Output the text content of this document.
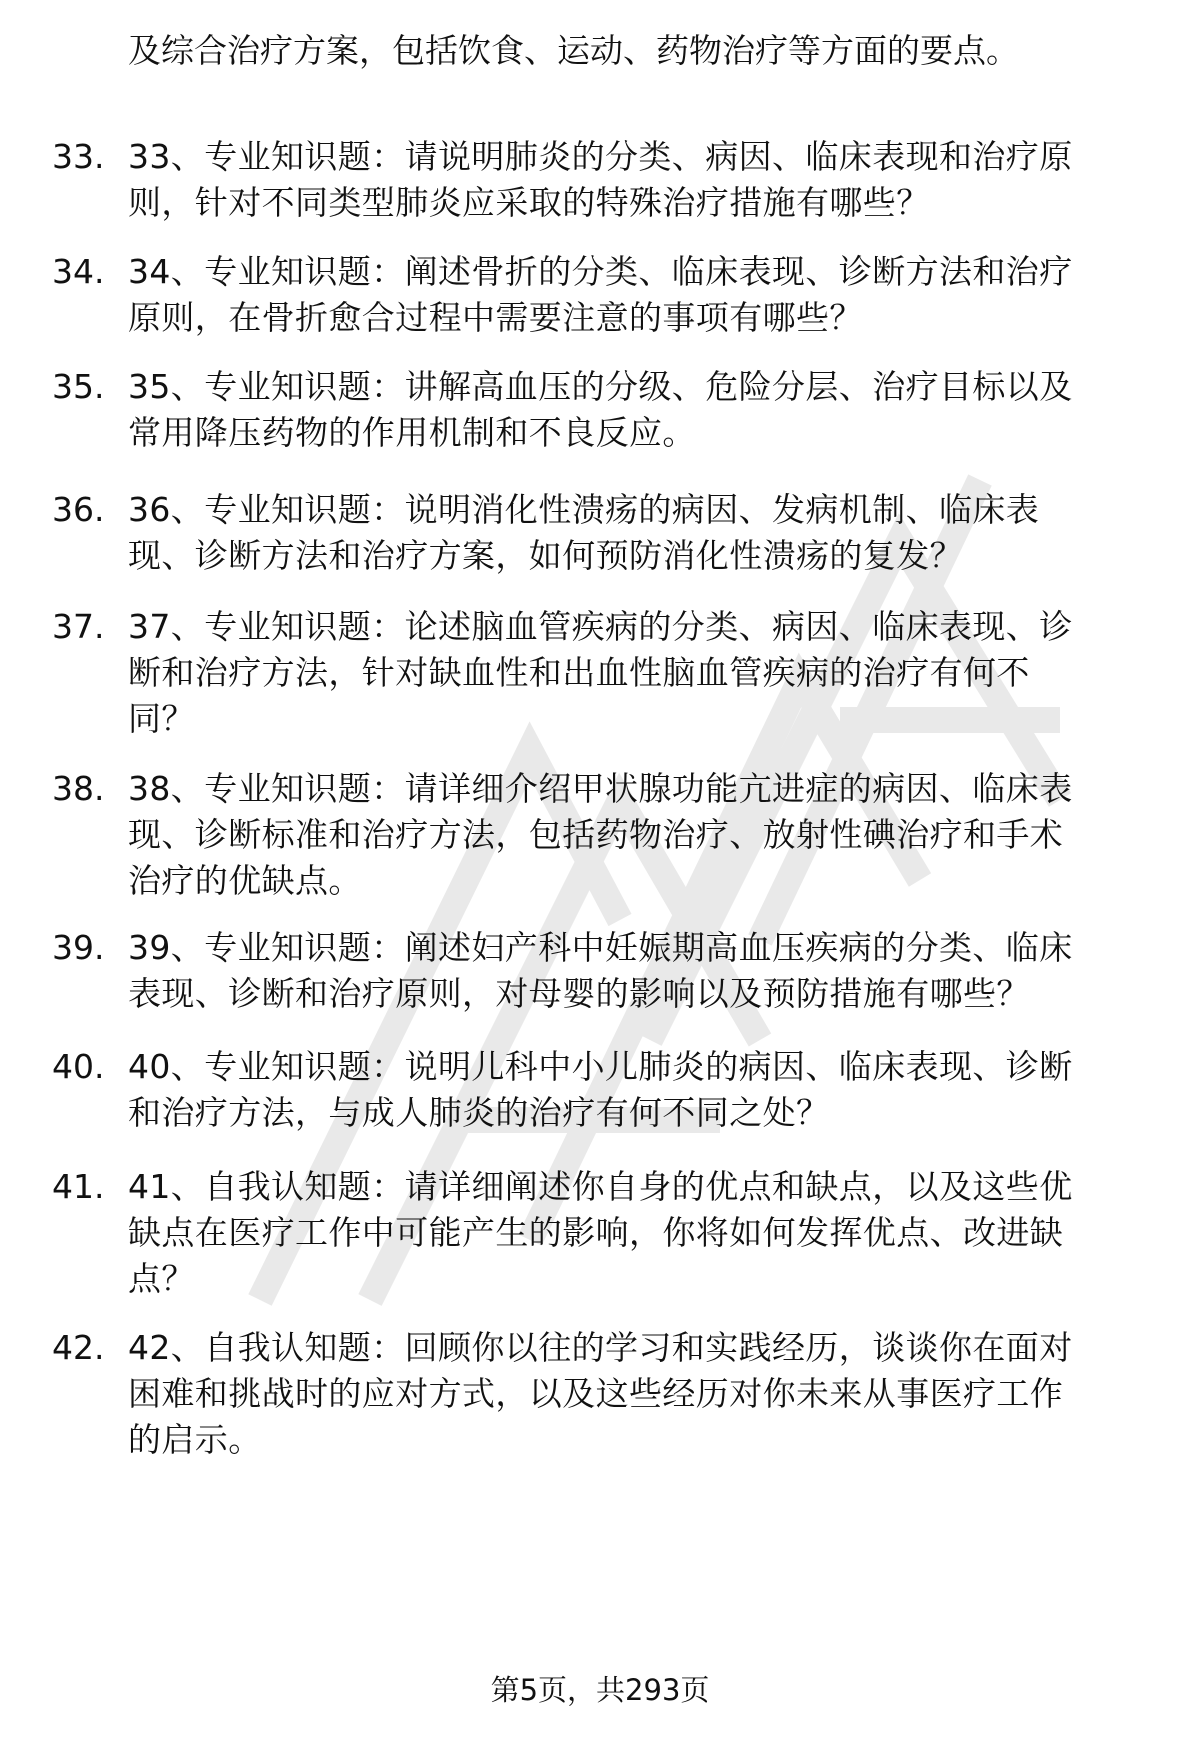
及综合治疗方案，包括饮食、运动、药物治疗等方面的要点。
33. 33、专业知识题：请说明肺炎的分类、病因、临床表现和治疗原
则，针对不同类型肺炎应采取的特殊治疗措施有哪些？
34. 34、专业知识题：阐述骨折的分类、临床表现、诊断方法和治疗
原则，在骨折愈合过程中需要注意的事项有哪些？
35. 35、专业知识题：讲解高血压的分级、危险分层、治疗目标以及
常用降压药物的作用机制和不良反应。
36. 36、专业知识题：说明消化性溃疡的病因、发病机制、临床表
现、诊断方法和治疗方案，如何预防消化性溃疡的复发？
37. 37、专业知识题：论述脑血管疾病的分类、病因、临床表现、诊
断和治疗方法，针对缺血性和出血性脑血管疾病的治疗有何不
同？
38. 38、专业知识题：请详细介绍甲状腺功能亢进症的病因、临床表
现、诊断标准和治疗方法，包括药物治疗、放射性碘治疗和手术
治疗的优缺点。
39. 39、专业知识题：阐述妇产科中妊娠期高血压疾病的分类、临床
表现、诊断和治疗原则，对母婴的影响以及预防措施有哪些？
40. 40、专业知识题：说明儿科中小儿肺炎的病因、临床表现、诊断
和治疗方法，与成人肺炎的治疗有何不同之处？
41. 41、自我认知题：请详细阐述你自身的优点和缺点，以及这些优
缺点在医疗工作中可能产生的影响，你将如何发挥优点、改进缺
点？
42. 42、自我认知题：回顾你以往的学习和实践经历，谈谈你在面对
困难和挑战时的应对方式，以及这些经历对你未来从事医疗工作
的启示。
第5页，共293页
